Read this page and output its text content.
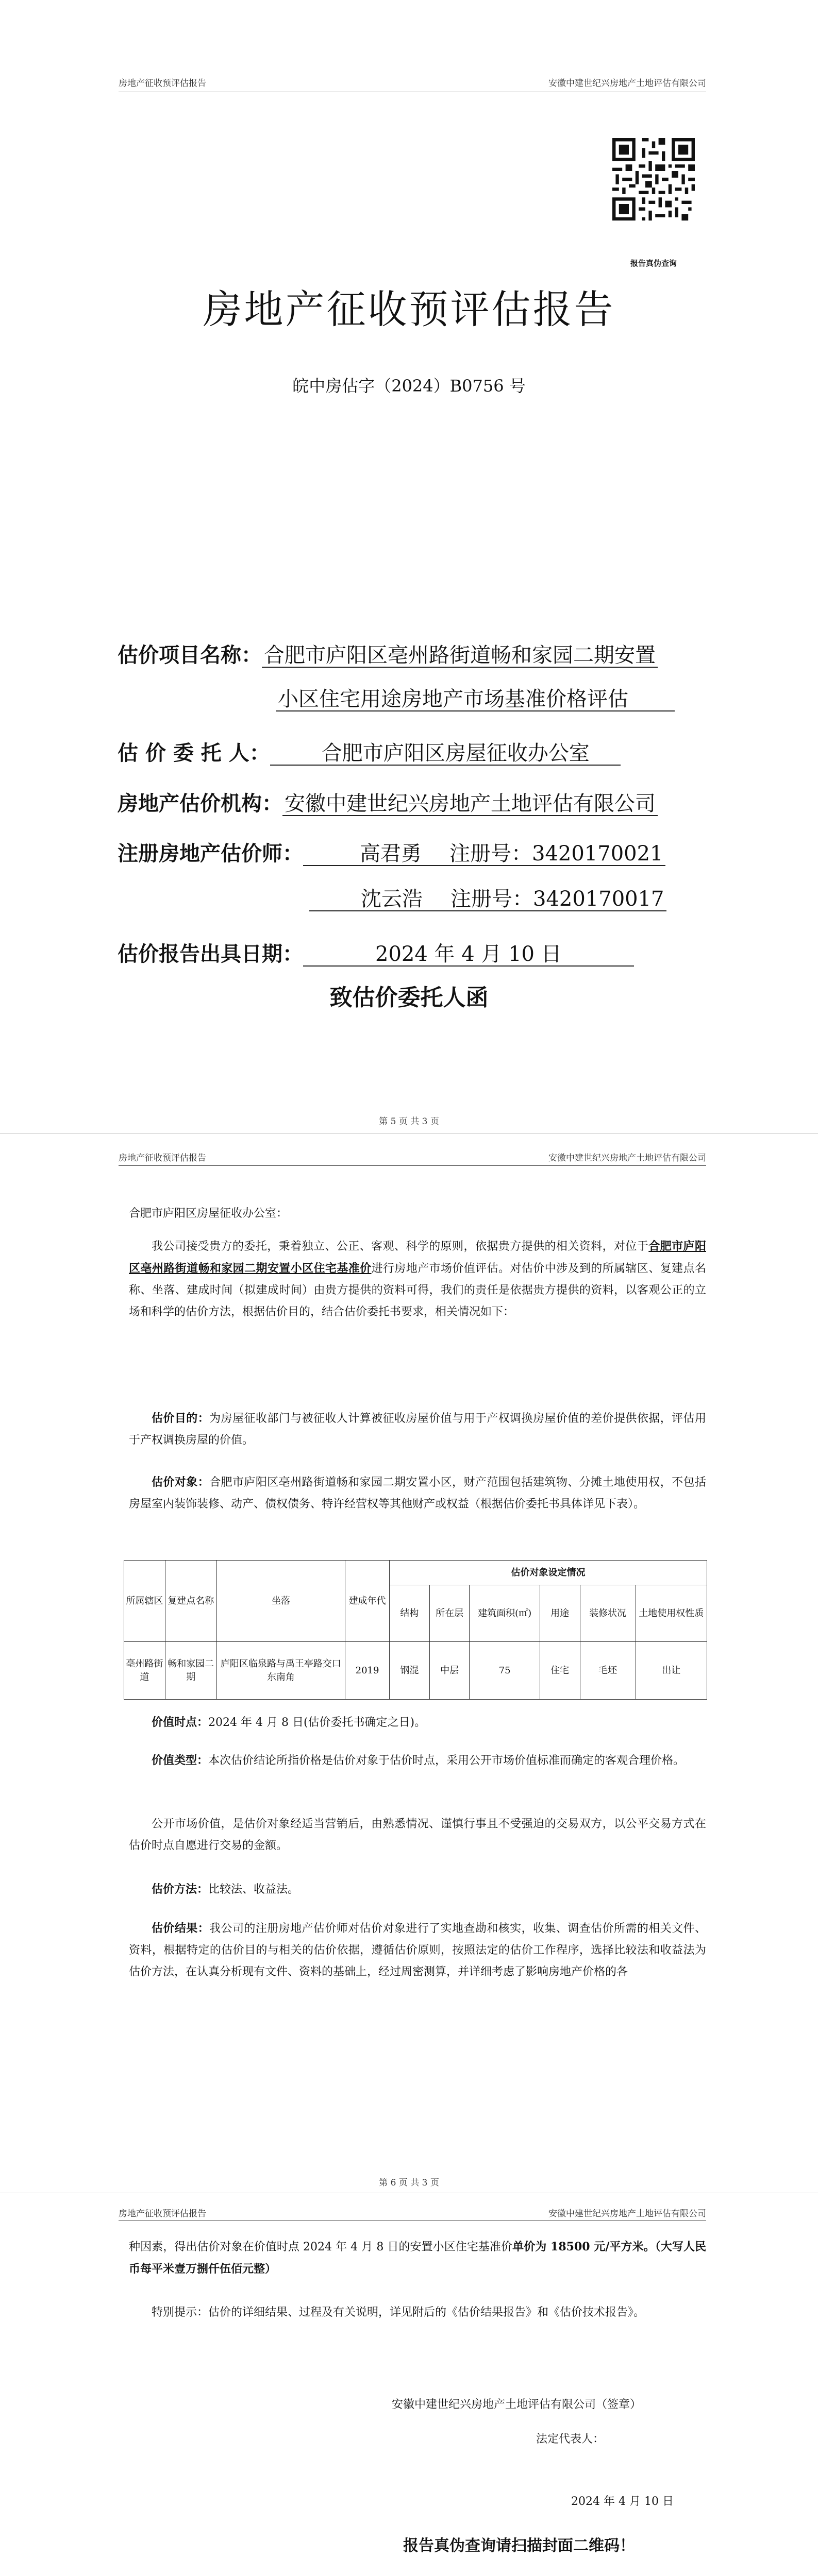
房地产征收预评估报告	安徽中建世纪兴房地产土地评估有限公司
报告真伪查询
房地产征收预评估报告
皖中房估字（2024）B0756 号
估价项目名称： 合肥市庐阳区亳州路街道畅和家园二期安置
小区住宅用途房地产市场基准价格评估
估 价 委 托 人：	合肥市庐阳区房屋征收办公室
房地产估价机构： 安徽中建世纪兴房地产土地评估有限公司
注册房地产估价师：	高君勇 注册号：3420170021
沈云浩 注册号：3420170017
估价报告出具日期：	2024 年 4 月 10 日
致估价委托人函
第 5 页 共 3 页
房地产征收预评估报告	安徽中建世纪兴房地产土地评估有限公司
合肥市庐阳区房屋征收办公室：

我公司接受贵方的委托，秉着独立、公正、客观、科学的原则，依据贵方提供的相关资料，对位于合肥市庐阳区亳州路街道畅和家园二期安置小区住宅基准价进行房地产市场价值评估。对估价中涉及到的所属辖区、复建点名称、坐落、建成时间（拟建成时间）由贵方提供的资料可得，我们的责任是依据贵方提供的资料，以客观公正的立场和科学的估价方法，根据估价目的，结合估价委托书要求，相关情况如下：

估价目的：为房屋征收部门与被征收人计算被征收房屋价值与用于产权调换房屋价值的差价提供依据，评估用于产权调换房屋的价值。

估价对象：合肥市庐阳区亳州路街道畅和家园二期安置小区，财产范围包括建筑物、分摊土地使用权，不包括房屋室内装饰装修、动产、债权债务、特许经营权等其他财产或权益（根据估价委托书具体详见下表）。

所属辖区	复建点名称	坐落	建成年代	估价对象设定情况					
				结构	所在层	建筑面积(㎡)	用途	装修状况	土地使用权性质
亳州路街道	畅和家园二期	庐阳区临泉路与禹王亭路交口东南角	2019	钢混	中层	75	住宅	毛坯	出让

价值时点：2024 年 4 月 8 日(估价委托书确定之日)。

价值类型：本次估价结论所指价格是估价对象于估价时点，采用公开市场价值标准而确定的客观合理价格。

公开市场价值，是估价对象经适当营销后，由熟悉情况、谨慎行事且不受强迫的交易双方，以公平交易方式在估价时点自愿进行交易的金额。

估价方法：比较法、收益法。

估价结果：我公司的注册房地产估价师对估价对象进行了实地查勘和核实，收集、调查估价所需的相关文件、资料，根据特定的估价目的与相关的估价依据，遵循估价原则，按照法定的估价工作程序，选择比较法和收益法为估价方法，在认真分析现有文件、资料的基础上，经过周密测算，并详细考虑了影响房地产价格的各

第 6 页 共 3 页
房地产征收预评估报告	安徽中建世纪兴房地产土地评估有限公司

种因素，得出估价对象在价值时点 2024 年 4 月 8 日的安置小区住宅基准价单价为 18500 元/平方米。（大写人民币每平米壹万捌仟伍佰元整）

特别提示：估价的详细结果、过程及有关说明，详见附后的《估价结果报告》和《估价技术报告》。

安徽中建世纪兴房地产土地评估有限公司（签章）
法定代表人：
2024 年 4 月 10 日
报告真伪查询请扫描封面二维码！
